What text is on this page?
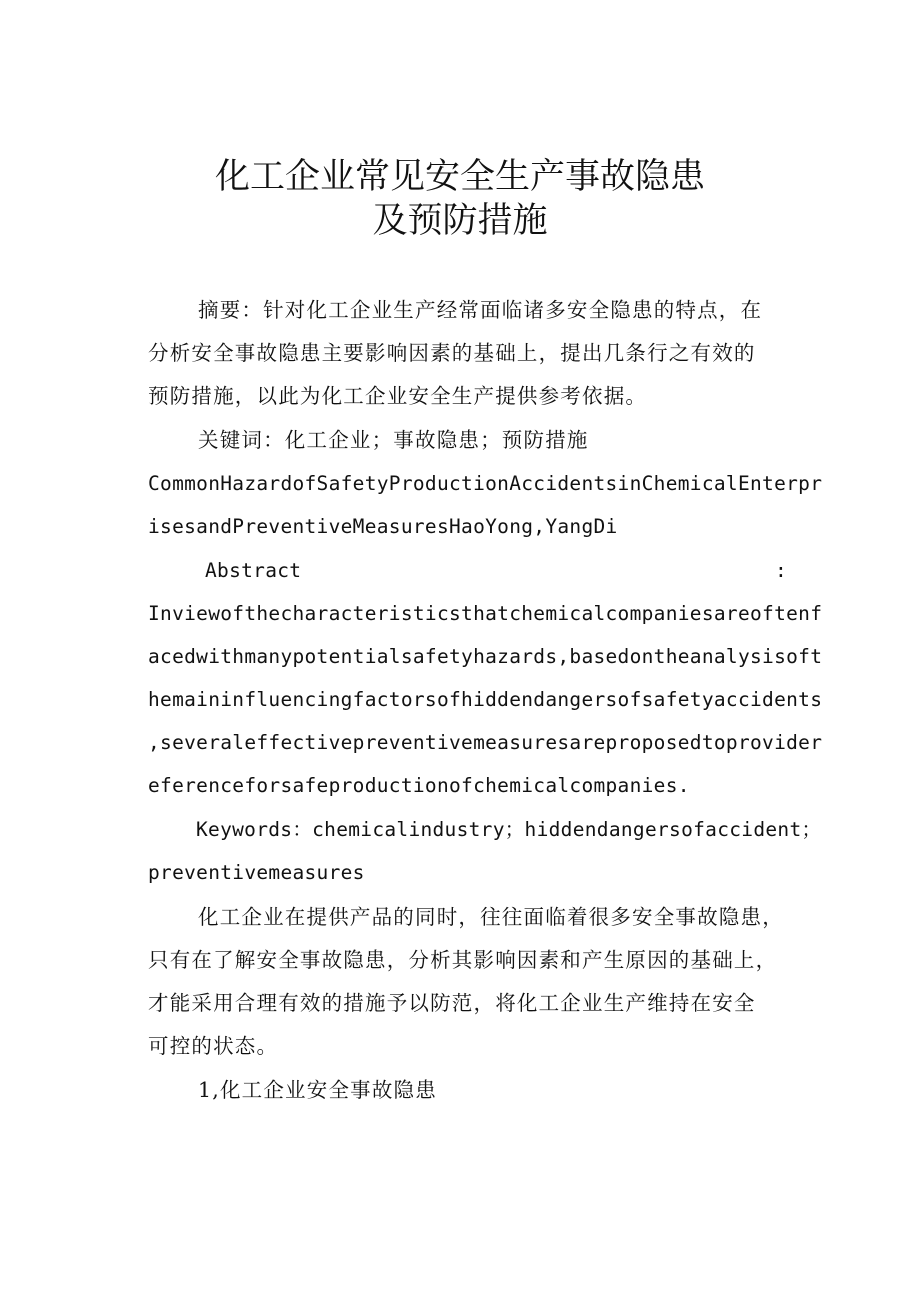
化工企业常见安全生产事故隐患
及预防措施
摘要：针对化工企业生产经常面临诸多安全隐患的特点，在
分析安全事故隐患主要影响因素的基础上，提出几条行之有效的
预防措施，以此为化工企业安全生产提供参考依据。
关键词：化工企业；事故隐患；预防措施
CommonHazardofSafetyProductionAccidentsinChemicalEnterpr
isesandPreventiveMeasuresHaoYong,YangDi
Abstract	:
Inviewofthecharacteristicsthatchemicalcompaniesareoftenf
acedwithmanypotentialsafetyhazards,basedontheanalysisoft
hemaininfluencingfactorsofhiddendangersofsafetyaccidents
,severaleffectivepreventivemeasuresareproposedtoprovider
eferenceforsafeproductionofchemicalcompanies.
Keywords：chemicalindustry；hiddendangersofaccident；
preventivemeasures
化工企业在提供产品的同时，往往面临着很多安全事故隐患，
只有在了解安全事故隐患，分析其影响因素和产生原因的基础上，
才能采用合理有效的措施予以防范，将化工企业生产维持在安全
可控的状态。
1,化工企业安全事故隐患
